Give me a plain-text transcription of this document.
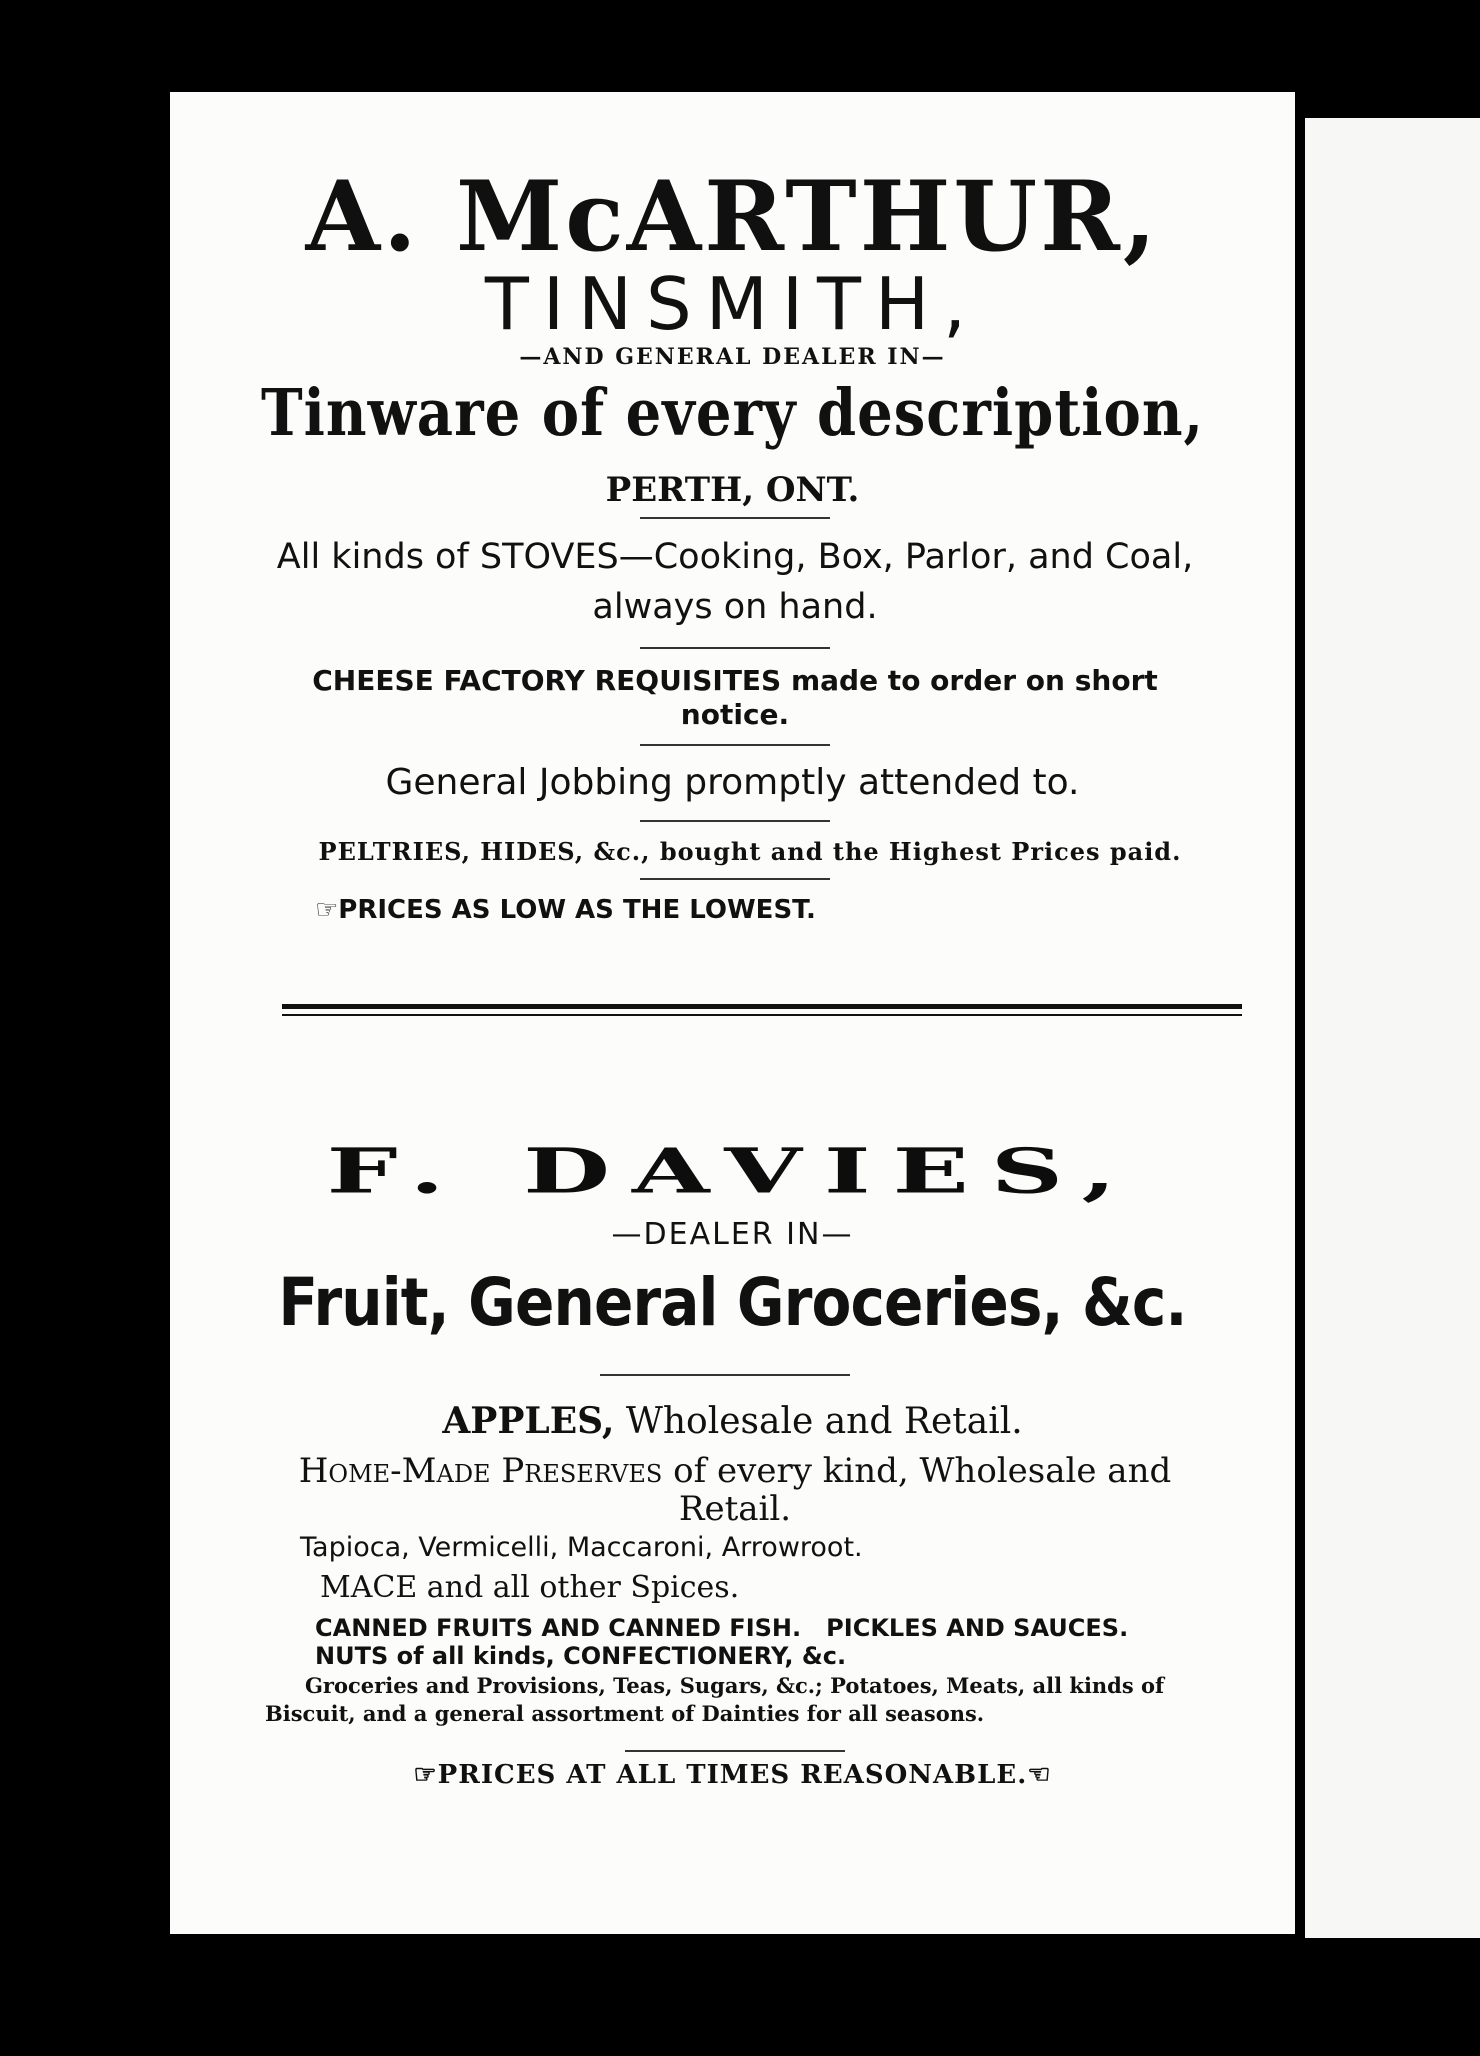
A. McARTHUR,
TINSMITH,
—AND GENERAL DEALER IN—
Tinware of every description,
PERTH, ONT.
All kinds of STOVES—Cooking, Box, Parlor, and Coal, always on hand.
CHEESE FACTORY REQUISITES made to order on short notice.
General Jobbing promptly attended to.
PELTRIES, HIDES, &c., bought and the Highest Prices paid.
☞PRICES AS LOW AS THE LOWEST.
F. DAVIES,
—DEALER IN—
Fruit, General Groceries, &c.
APPLES, Wholesale and Retail.
Home-Made Preserves of every kind, Wholesale and Retail.
Tapioca, Vermicelli, Maccaroni, Arrowroot.
MACE and all other Spices.
CANNED FRUITS AND CANNED FISH.   PICKLES AND SAUCES.
NUTS of all kinds, CONFECTIONERY, &c.
Groceries and Provisions, Teas, Sugars, &c.; Potatoes, Meats, all kinds of Biscuit, and a general assortment of Dainties for all seasons.
☞PRICES AT ALL TIMES REASONABLE.☜
